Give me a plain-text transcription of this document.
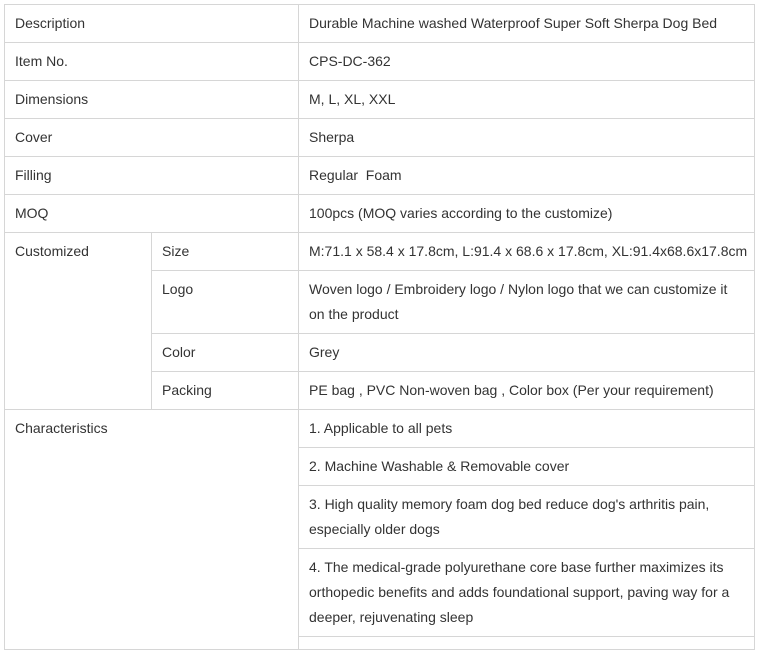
Description		Durable Machine washed Waterproof Super Soft Sherpa Dog Bed
Item No.		CPS-DC-362
Dimensions		M, L, XL, XXL
Cover		Sherpa
Filling		Regular  Foam
MOQ		100pcs (MOQ varies according to the customize)
Customized	Size	M:71.1 x 58.4 x 17.8cm, L:91.4 x 68.6 x 17.8cm, XL:91.4x68.6x17.8cm
	Logo	Woven logo / Embroidery logo / Nylon logo that we can customize it on the product
	Color	Grey
	Packing	PE bag , PVC Non-woven bag , Color box (Per your requirement)
Characteristics		1. Applicable to all pets
		2. Machine Washable & Removable cover
		3. High quality memory foam dog bed reduce dog's arthritis pain, especially older dogs
		4. The medical-grade polyurethane core base further maximizes its orthopedic benefits and adds foundational support, paving way for a deeper, rejuvenating sleep
